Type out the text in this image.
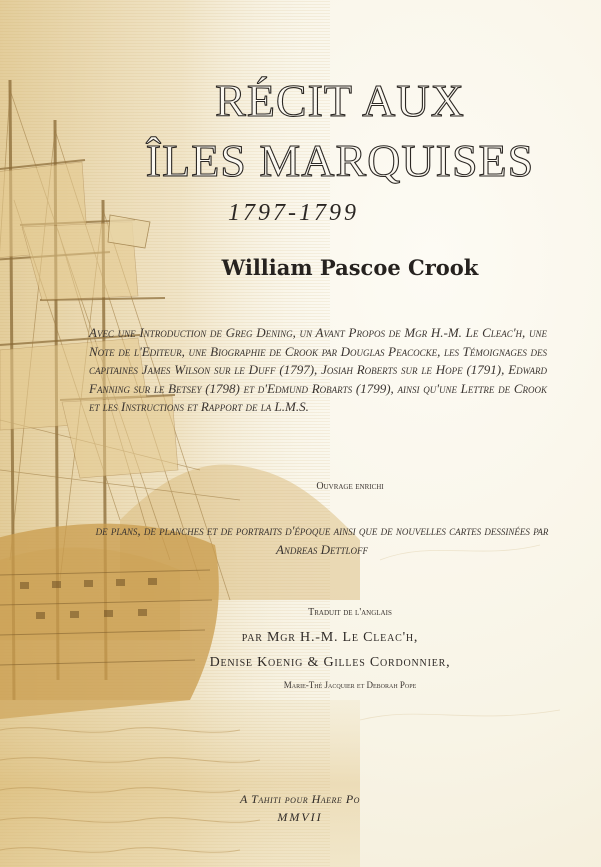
RÉCIT AUX
ÎLES MARQUISES
1797-1799
William Pascoe Crook

Avec une Introduction de Greg Dening, un Avant Propos de Mgr H.-M. Le Cleac'h, une Note de l'Editeur, une Biographie de Crook par Douglas Peacocke, les Témoignages des capitaines James Wilson sur le Duff (1797), Josiah Roberts sur le Hope (1791), Edward Fanning sur le Betsey (1798) et d'Edmund Robarts (1799), ainsi qu'une Lettre de Crook et les Instructions et Rapport de la L.M.S.

Ouvrage enrichi

de plans, de planches et de portraits d'époque ainsi que de nouvelles cartes dessinées par Andreas Dettloff

Traduit de l'anglais
par Mgr H.-M. Le Cleac'h,
Denise Koenig & Gilles Cordonnier,
Marie-Thé Jacquier et Deborah Pope
A Tahiti pour Haere Po
MMVII
